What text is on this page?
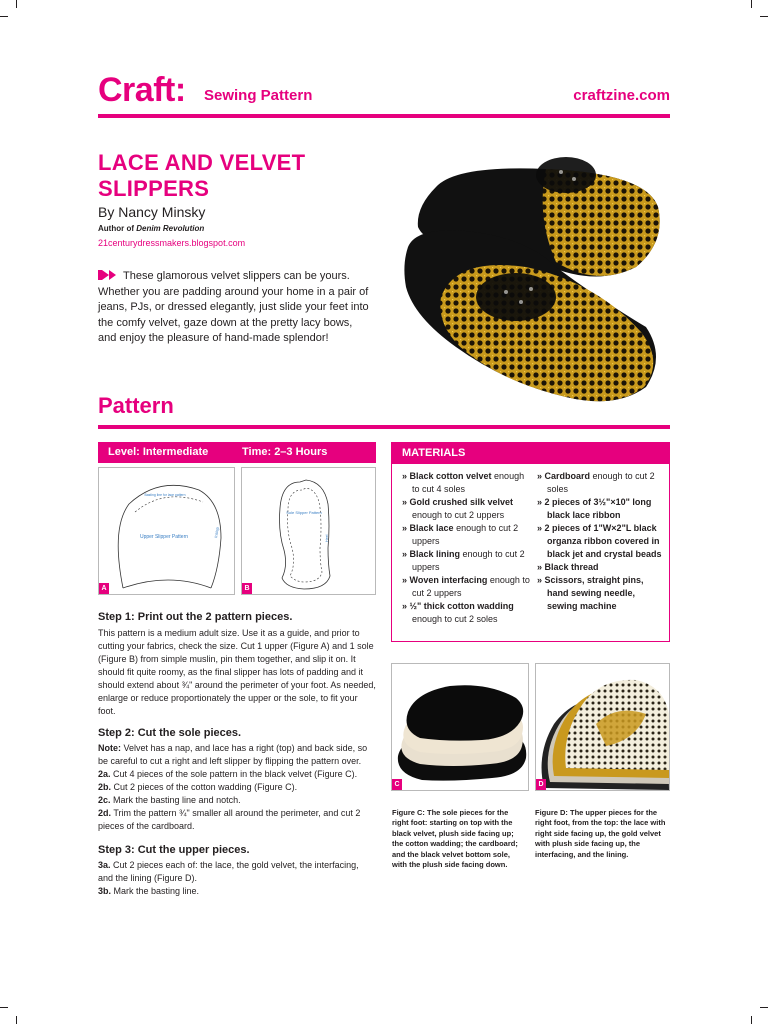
Craft: Sewing Pattern	craftzine.com
LACE AND VELVET SLIPPERS
By Nancy Minsky
Author of Denim Revolution
21centurydressmakers.blogspot.com
These glamorous velvet slippers can be yours. Whether you are padding around your home in a pair of jeans, PJs, or dressed elegantly, just slide your feet into the comfy velvet, gaze down at the pretty lacy bows, and enjoy the pleasure of hand-made splendor!
Pattern
Level: Intermediate	Time: 2–3 Hours
Basting line for lace pattern
Upper Slipper Pattern	Instep
A
Sole Slipper Pattern
Heel
B
MATERIALS
» Black cotton velvet enough to cut 4 soles
» Gold crushed silk velvet enough to cut 2 uppers
» Black lace enough to cut 2 uppers
» Black lining enough to cut 2 uppers
» Woven interfacing enough to cut 2 uppers
» ½" thick cotton wadding enough to cut 2 soles
» Cardboard enough to cut 2 soles
» 2 pieces of 3½"×10" long black lace ribbon
» 2 pieces of 1"W×2"L black organza ribbon covered in black jet and crystal beads
» Black thread
» Scissors, straight pins, hand sewing needle, sewing machine
Step 1: Print out the 2 pattern pieces.
This pattern is a medium adult size. Use it as a guide, and prior to cutting your fabrics, check the size. Cut 1 upper (Figure A) and 1 sole (Figure B) from simple muslin, pin them together, and slip it on. It should fit quite roomy, as the final slipper has lots of padding and it should extend about ¾" around the perimeter of your foot. As needed, enlarge or reduce proportionately the upper or the sole, to fit your foot.
Step 2: Cut the sole pieces.
Note: Velvet has a nap, and lace has a right (top) and back side, so be careful to cut a right and left slipper by flipping the pattern over.
2a. Cut 4 pieces of the sole pattern in the black velvet (Figure C).
2b. Cut 2 pieces of the cotton wadding (Figure C).
2c. Mark the basting line and notch.
2d. Trim the pattern ¾" smaller all around the perimeter, and cut 2 pieces of the cardboard.
Step 3: Cut the upper pieces.
3a. Cut 2 pieces each of: the lace, the gold velvet, the interfacing, and the lining (Figure D).
3b. Mark the basting line.
C	D
Figure C: The sole pieces for the right foot: starting on top with the black velvet, plush side facing up; the cotton wadding; the cardboard; and the black velvet bottom sole, with the plush side facing down.
Figure D: The upper pieces for the right foot, from the top: the lace with right side facing up, the gold velvet with plush side facing up, the interfacing, and the lining.
